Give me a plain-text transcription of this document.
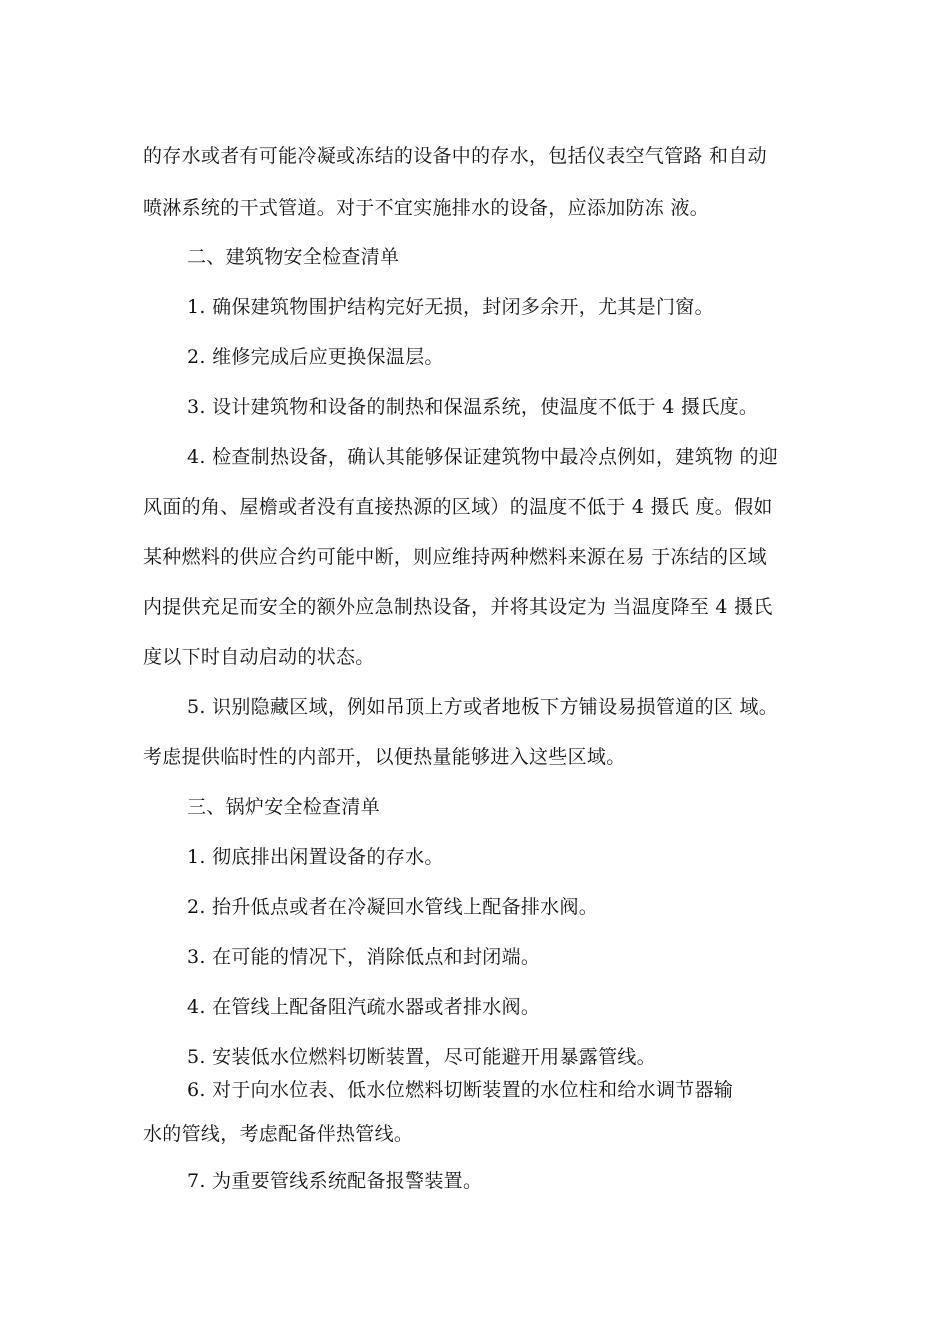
的存水或者有可能冷凝或冻结的设备中的存水，包括仪表空气管路 和自动
喷淋系统的干式管道。对于不宜实施排水的设备，应添加防冻 液。
二、建筑物安全检查清单
1. 确保建筑物围护结构完好无损，封闭多余开，尤其是门窗。
2. 维修完成后应更换保温层。
3. 设计建筑物和设备的制热和保温系统，使温度不低于 4 摄氏度。
4. 检查制热设备，确认其能够保证建筑物中最冷点例如，建筑物 的迎
风面的角、屋檐或者没有直接热源的区域）的温度不低于 4 摄氏 度。假如
某种燃料的供应合约可能中断，则应维持两种燃料来源在易 于冻结的区域
内提供充足而安全的额外应急制热设备，并将其设定为 当温度降至 4 摄氏
度以下时自动启动的状态。
5. 识别隐藏区域，例如吊顶上方或者地板下方铺设易损管道的区 域。
考虑提供临时性的内部开，以便热量能够进入这些区域。
三、锅炉安全检查清单
1. 彻底排出闲置设备的存水。
2. 抬升低点或者在冷凝回水管线上配备排水阀。
3. 在可能的情况下，消除低点和封闭端。
4. 在管线上配备阻汽疏水器或者排水阀。
5. 安装低水位燃料切断装置，尽可能避开用暴露管线。
6. 对于向水位表、低水位燃料切断装置的水位柱和给水调节器输
水的管线，考虑配备伴热管线。
7. 为重要管线系统配备报警装置。
